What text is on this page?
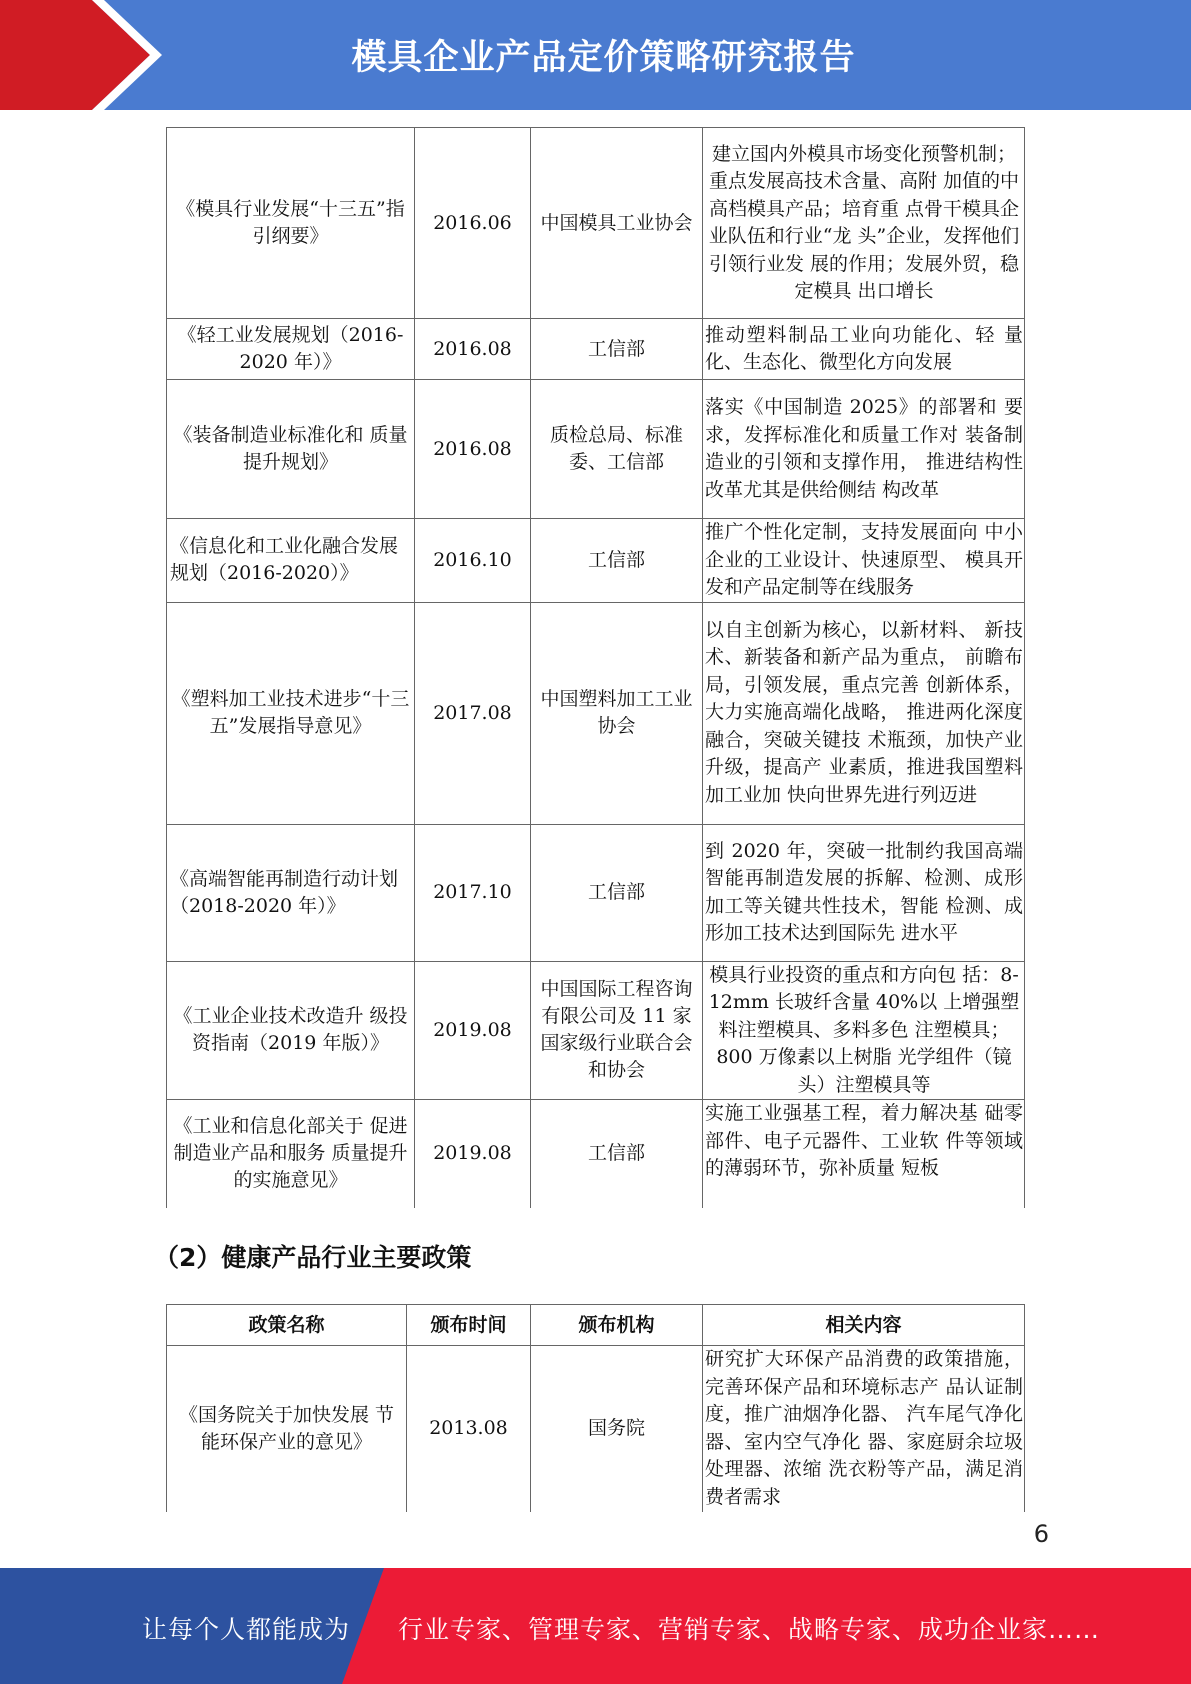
模具企业产品定价策略研究报告
《模具行业发展“十三五”指引纲要》	2016.06	中国模具工业协会	建立国内外模具市场变化预警机制；重点发展高技术含量、高附 加值的中高档模具产品；培育重 点骨干模具企业队伍和行业“龙 头”企业，发挥他们引领行业发 展的作用；发展外贸，稳定模具 出口增长
《轻工业发展规划（2016-2020 年）》	2016.08	工信部	推动塑料制品工业向功能化、轻 量化、生态化、微型化方向发展
《装备制造业标准化和 质量提升规划》	2016.08	质检总局、标准委、工信部	落实《中国制造 2025》的部署和 要求，发挥标准化和质量工作对 装备制造业的引领和支撑作用， 推进结构性改革尤其是供给侧结 构改革
《信息化和工业化融合发展规划（2016-2020）》	2016.10	工信部	推广个性化定制，支持发展面向 中小企业的工业设计、快速原型、 模具开发和产品定制等在线服务
《塑料加工业技术进步“十三五”发展指导意见》	2017.08	中国塑料加工工业协会	以自主创新为核心，以新材料、 新技术、新装备和新产品为重点， 前瞻布局，引领发展，重点完善 创新体系，大力实施高端化战略， 推进两化深度融合，突破关键技 术瓶颈，加快产业升级，提高产 业素质，推进我国塑料加工业加 快向世界先进行列迈进
《高端智能再制造行动计划（2018-2020 年）》	2017.10	工信部	到 2020 年，突破一批制约我国高端智能再制造发展的拆解、检测、成形加工等关键共性技术，智能 检测、成形加工技术达到国际先 进水平
《工业企业技术改造升 级投资指南（2019 年版）》	2019.08	中国国际工程咨询有限公司及 11 家国家级行业联合会和协会	模具行业投资的重点和方向包 括：8-12mm 长玻纤含量 40%以 上增强塑料注塑模具、多料多色 注塑模具；800 万像素以上树脂 光学组件（镜头）注塑模具等
《工业和信息化部关于 促进制造业产品和服务 质量提升的实施意见》	2019.08	工信部	实施工业强基工程，着力解决基 础零部件、电子元器件、工业软 件等领域的薄弱环节，弥补质量 短板
（2）健康产品行业主要政策
政策名称	颁布时间	颁布机构	相关内容
《国务院关于加快发展 节能环保产业的意见》	2013.08	国务院	研究扩大环保产品消费的政策措施，完善环保产品和环境标志产 品认证制度，推广油烟净化器、 汽车尾气净化器、室内空气净化 器、家庭厨余垃圾处理器、浓缩 洗衣粉等产品，满足消费者需求
6
让每个人都能成为 行业专家、管理专家、营销专家、战略专家、成功企业家……
